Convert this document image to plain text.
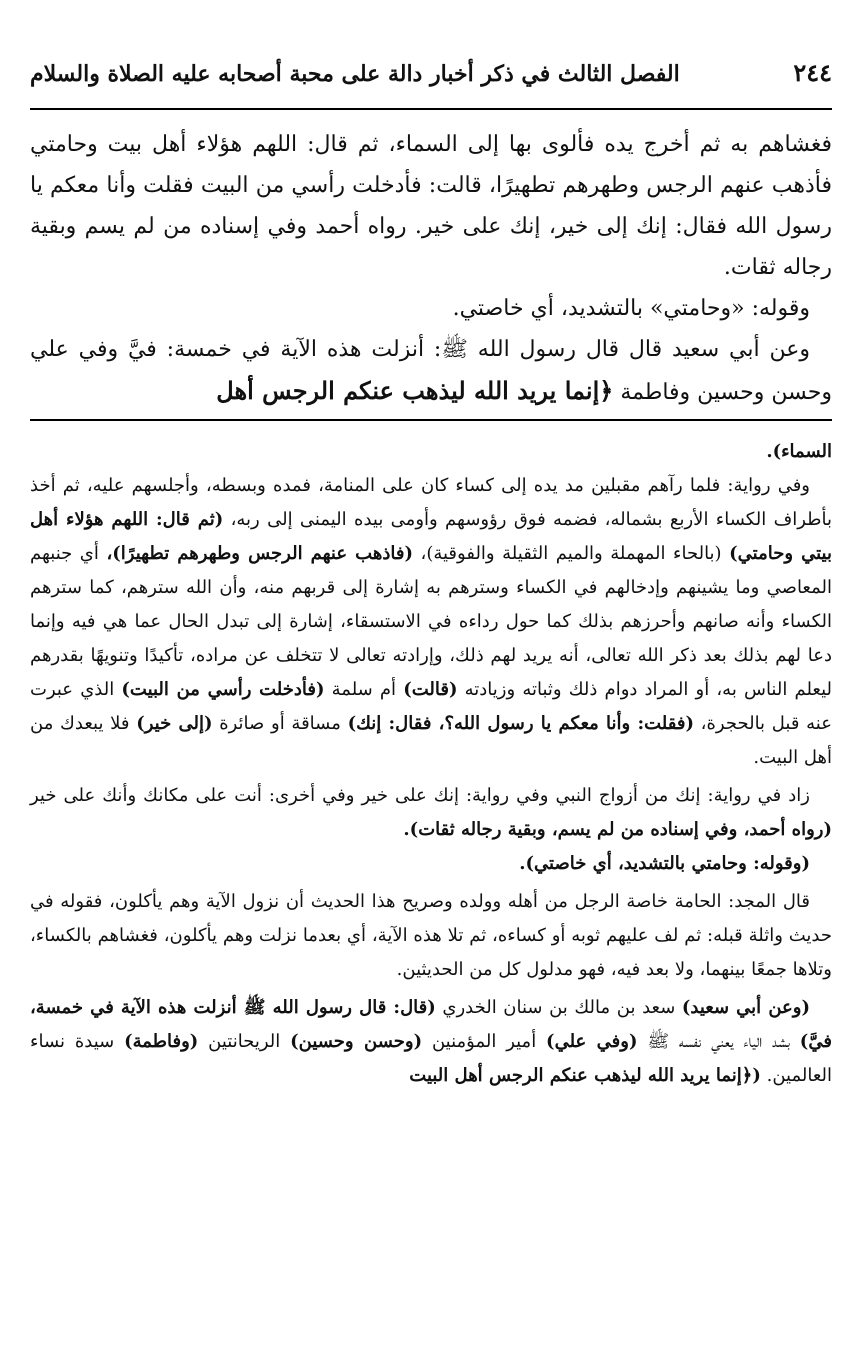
٢٤٤
الفصل الثالث في ذكر أخبار دالة على محبة أصحابه عليه الصلاة والسلام

فغشاهم به ثم أخرج يده فألوى بها إلى السماء، ثم قال: اللهم هؤلاء أهل بيت وحامتي فأذهب عنهم الرجس وطهرهم تطهيرًا، قالت: فأدخلت رأسي من البيت فقلت وأنا معكم يا رسول الله فقال: إنك إلى خير، إنك على خير. رواه أحمد وفي إسناده من لم يسم وبقية رجاله ثقات.

وقوله: «وحامتي» بالتشديد، أي خاصتي.

وعن أبي سعيد قال قال رسول الله ﷺ: أنزلت هذه الآية في خمسة: فيَّ وفي علي وحسن وحسين وفاطمة ﴿إنما يريد الله ليذهب عنكم الرجس أهل

السماء).

وفي رواية: فلما رآهم مقبلين مد يده إلى كساء كان على المنامة، فمده وبسطه، وأجلسهم عليه، ثم أخذ بأطراف الكساء الأربع بشماله، فضمه فوق رؤوسهم وأومى بيده اليمنى إلى ربه، (ثم قال: اللهم هؤلاء أهل بيتي وحامتي) (بالحاء المهملة والميم الثقيلة والفوقية)، (فاذهب عنهم الرجس وطهرهم تطهيرًا)، أي جنبهم المعاصي وما يشينهم وإدخالهم في الكساء وسترهم به إشارة إلى قربهم منه، وأن الله سترهم، كما سترهم الكساء وأنه صانهم وأحرزهم بذلك كما حول رداءه في الاستسقاء، إشارة إلى تبدل الحال عما هي فيه وإنما دعا لهم بذلك بعد ذكر الله تعالى، أنه يريد لهم ذلك، وإرادته تعالى لا تتخلف عن مراده، تأكيدًا وتنويهًا بقدرهم ليعلم الناس به، أو المراد دوام ذلك وثباته وزيادته (قالت) أم سلمة (فأدخلت رأسي من البيت) الذي عبرت عنه قبل بالحجرة، (فقلت: وأنا معكم يا رسول الله؟، فقال: إنك) مساقة أو صائرة (إلى خير) فلا يبعدك من أهل البيت.

زاد في رواية: إنك من أزواج النبي وفي رواية: إنك على خير وفي أخرى: أنت على مكانك وأنك على خير (رواه أحمد، وفي إسناده من لم يسم، وبقية رجاله ثقات).

(وقوله: وحامتي بالتشديد، أي خاصتي).

قال المجد: الحامة خاصة الرجل من أهله وولده وصريح هذا الحديث أن نزول الآية وهم يأكلون، فقوله في حديث واثلة قبله: ثم لف عليهم ثوبه أو كساءه، ثم تلا هذه الآية، أي بعدما نزلت وهم يأكلون، فغشاهم بالكساء، وتلاها جمعًا بينهما، ولا بعد فيه، فهو مدلول كل من الحديثين.

(وعن أبي سعيد) سعد بن مالك بن سنان الخدري (قال: قال رسول الله ﷺ أنزلت هذه الآية في خمسة، فيَّ) بشد الياء يعني نفسه ﷺ (وفي علي) أمير المؤمنين (وحسن وحسين) الريحانتين (وفاطمة) سيدة نساء العالمين. (﴿إنما يريد الله ليذهب عنكم الرجس أهل البيت
